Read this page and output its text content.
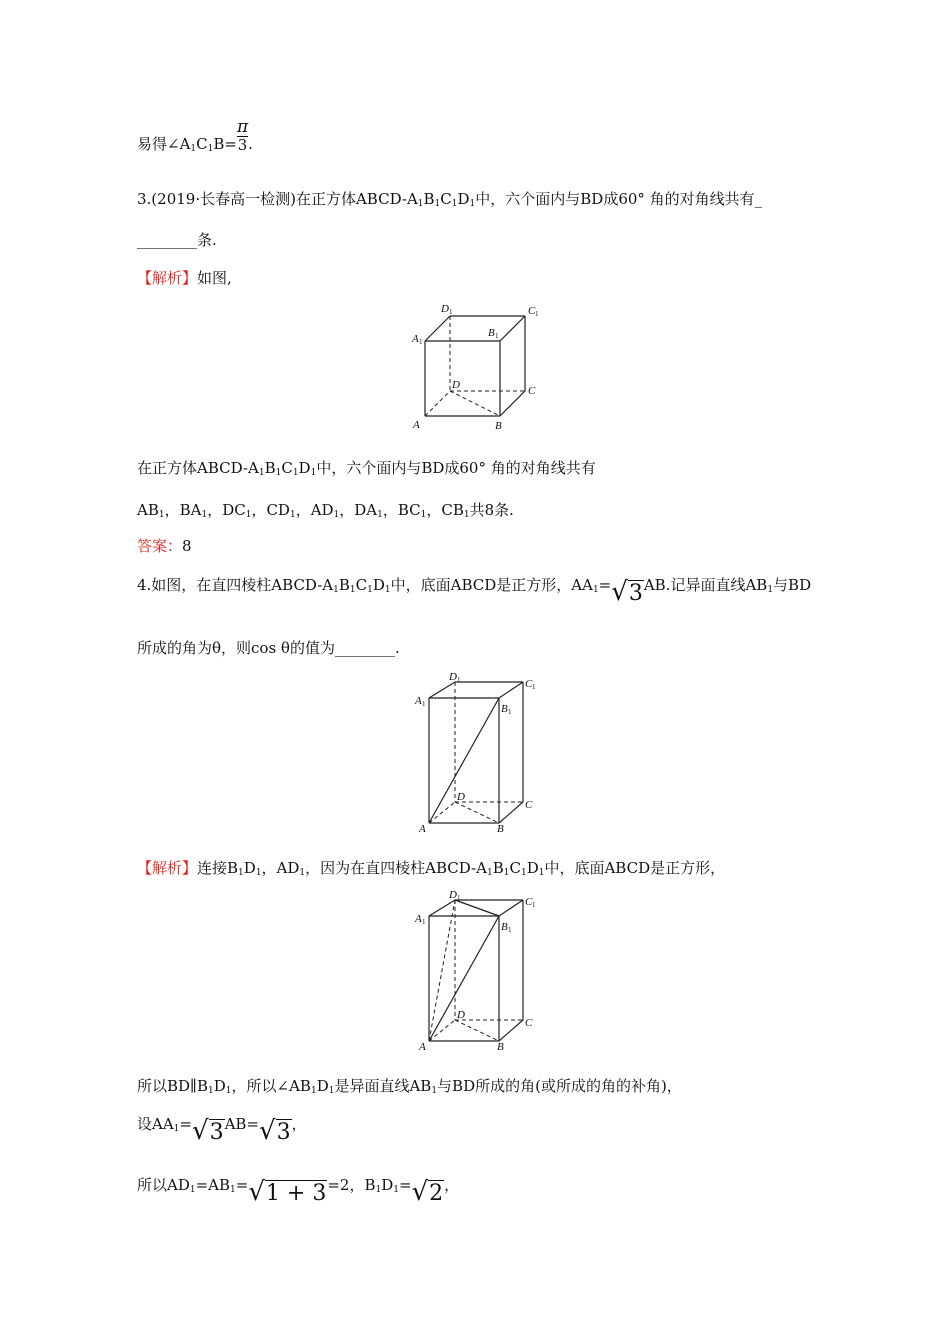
易得$\angle A_1C_1B= \frac{\pi}{3}$ .
3.(2019·长春高一检测)在正方体ABCD-$A_1B_1C_1D_1$中，六个面内与BD成60° 角的对角线共有_
________条.
【解析】如图,
A	B
C
D
A 1
B 1
C 1
D 1
在正方体ABCD-$A_1B_1C_1D_1$中，六个面内与BD成60° 角的对角线共有
$AB_1$，$BA_1$，$DC_1$，$CD_1$，$AD_1$，$DA_1$，$BC_1$，$CB_1$共8条.
答案：8
4.如图，在直四棱柱ABCD-$A_1B_1C_1D_1$中，底面ABCD是正方形，$AA_1=√3AB$.记异面直线$AB_1$与BD
所成的角为θ，则cos θ的值为________.
A	B
C
D
A 1	B 1
C 1
D 1
【解析】连接$B_1D_1$，$AD_1$，因为在直四棱柱ABCD-$A_1B_1C_1D_1$中，底面ABCD是正方形，
A	B
C
D
A 1	B 1
C 1
D 1
所以$BD\parallel B_1D_1$，所以$\angle AB_1D_1$是异面直线$AB_1$与BD所成的角(或所成的角的补角)，
设$AA_1=√3AB=√3$，
所以$AD_1=AB_1=√1 + 3=2$，$B_1D_1=√2$，
